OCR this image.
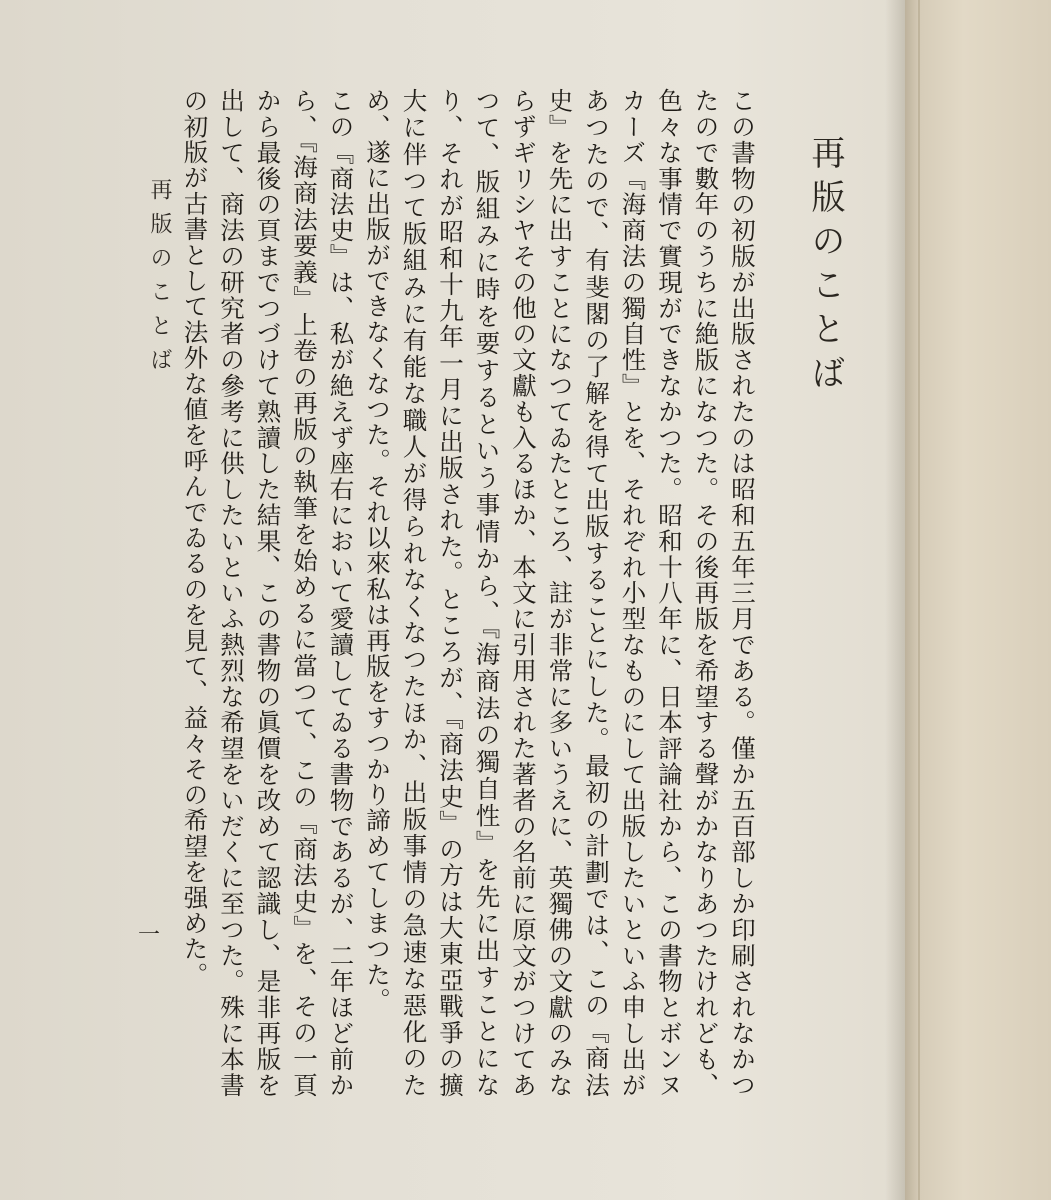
再版のことば

この書物の初版が出版されたのは昭和五年三月である。僅か五百部しか印刷されなかつたので數年のうちに絶版になつた。その後再版を希望する聲がかなりあつたけれども、色々な事情で實現ができなかつた。昭和十八年に、日本評論社から、この書物とボンヌカーズ『海商法の獨自性』とを、それぞれ小型なものにして出版したいといふ申し出があつたので、有斐閣の了解を得て出版することにした。最初の計劃では、この『商法史』を先に出すことになつてゐたところ、註が非常に多いうえに、英獨佛の文獻のみならずギリシヤその他の文獻も入るほか、本文に引用された著者の名前に原文がつけてあつて、版組みに時を要するという事情から、『海商法の獨自性』を先に出すことになり、それが昭和十九年一月に出版された。ところが、『商法史』の方は大東亞戰爭の擴大に伴つて版組みに有能な職人が得られなくなつたほか、出版事情の急速な惡化のため、遂に出版ができなくなつた。それ以來私は再版をすつかり諦めてしまつた。

この『商法史』は、私が絶えず座右において愛讀してゐる書物であるが、二年ほど前から、『海商法要義』上卷の再版の執筆を始めるに當つて、この『商法史』を、その一頁から最後の頁までつづけて熟讀した結果、この書物の眞價を改めて認識し、是非再版を出して、商法の研究者の參考に供したいといふ熱烈な希望をいだくに至つた。殊に本書の初版が古書として法外な値を呼んでゐるのを見て、益々その希望を强めた。

再版のことば
一
